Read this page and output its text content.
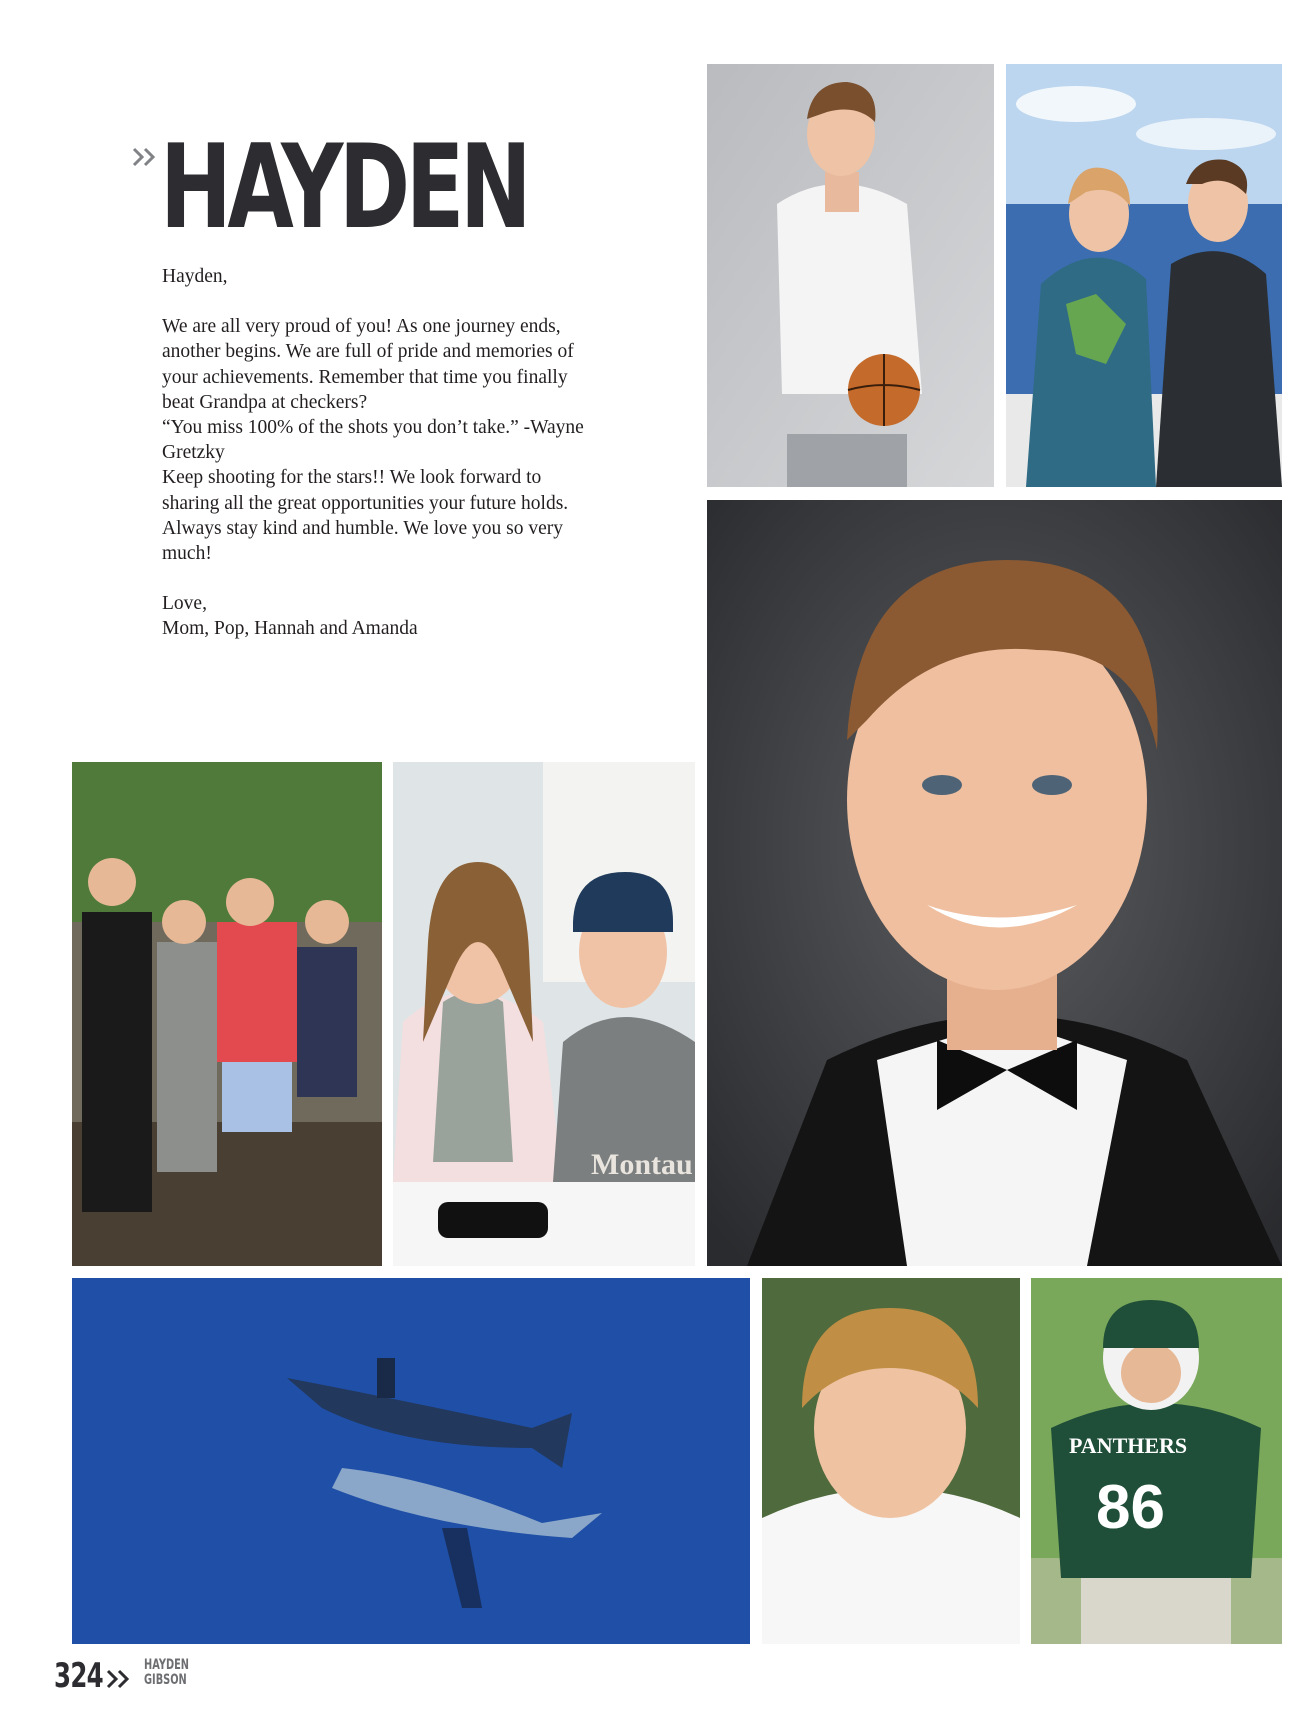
HAYDEN

Hayden,

We are all very proud of you! As one journey ends,

another begins. We are full of pride and memories of

your achievements. Remember that time you finally

beat Grandpa at checkers?

“You miss 100% of the shots you don’t take.” -Wayne

Gretzky

Keep shooting for the stars!! We look forward to

sharing all the great opportunities your future holds.

Always stay kind and humble. We love you so very

much!

Love,

Mom, Pop, Hannah and Amanda

Montau
PANTHERS
86
324	HAYDEN
GIBSON
